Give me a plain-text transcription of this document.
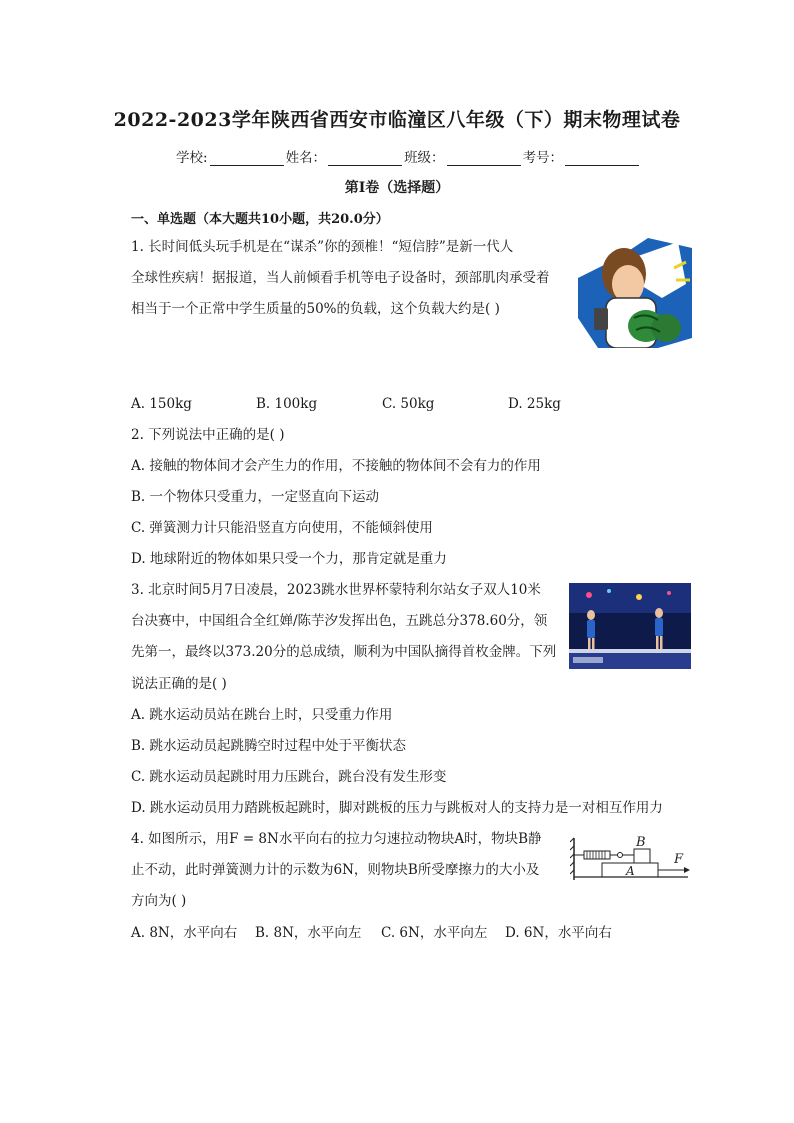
2022-2023学年陕西省西安市临潼区八年级（下）期末物理试卷
学校:	姓名：	班级：	考号：
第I卷（选择题）
一、单选题（本大题共10小题，共20.0分）
1. 长时间低头玩手机是在“谋杀”你的颈椎！“短信脖”是新一代人
全球性疾病！据报道，当人前倾看手机等电子设备时，颈部肌肉承受着
相当于一个正常中学生质量的50%的负载，这个负载大约是( )
A. 150kg	B. 100kg	C. 50kg	D. 25kg
2. 下列说法中正确的是( )
A. 接触的物体间才会产生力的作用，不接触的物体间不会有力的作用
B. 一个物体只受重力，一定竖直向下运动
C. 弹簧测力计只能沿竖直方向使用，不能倾斜使用
D. 地球附近的物体如果只受一个力，那肯定就是重力
3. 北京时间5月7日凌晨，2023跳水世界杯蒙特利尔站女子双人10米
台决赛中，中国组合全红婵/陈芋汐发挥出色，五跳总分378.60分，领
先第一，最终以373.20分的总成绩，顺利为中国队摘得首枚金牌。下列
说法正确的是( )
A. 跳水运动员站在跳台上时，只受重力作用
B. 跳水运动员起跳腾空时过程中处于平衡状态
C. 跳水运动员起跳时用力压跳台，跳台没有发生形变
D. 跳水运动员用力踏跳板起跳时，脚对跳板的压力与跳板对人的支持力是一对相互作用力
4. 如图所示，用F = 8N水平向右的拉力匀速拉动物块A时，物块B静
止不动，此时弹簧测力计的示数为6N，则物块B所受摩擦力的大小及
方向为( )
B
A
F
A. 8N，水平向右 B. 8N，水平向左 C. 6N，水平向左 D. 6N，水平向右
